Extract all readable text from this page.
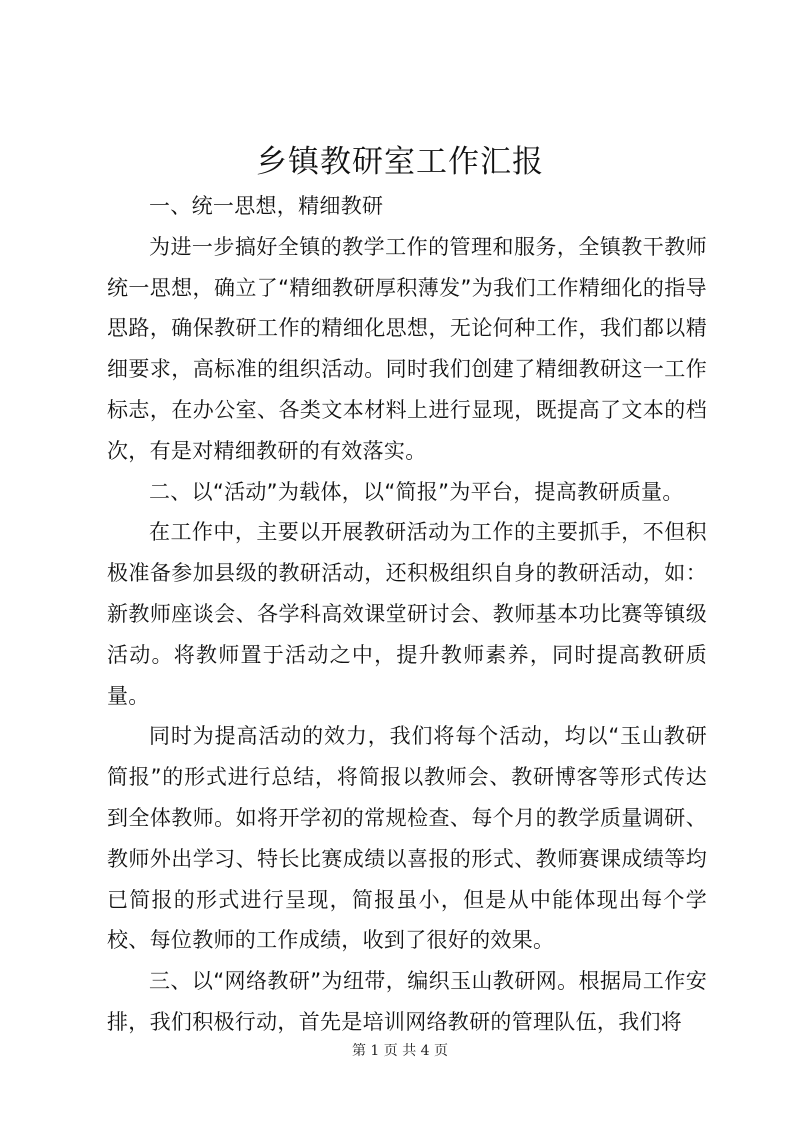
乡镇教研室工作汇报

一、统一思想，精细教研

为进一步搞好全镇的教学工作的管理和服务，全镇教干教师统一思想，确立了“精细教研厚积薄发”为我们工作精细化的指导思路，确保教研工作的精细化思想，无论何种工作，我们都以精细要求，高标准的组织活动。同时我们创建了精细教研这一工作标志，在办公室、各类文本材料上进行显现，既提高了文本的档次，有是对精细教研的有效落实。

二、以“活动”为载体，以“简报”为平台，提高教研质量。

在工作中，主要以开展教研活动为工作的主要抓手，不但积极准备参加县级的教研活动，还积极组织自身的教研活动，如：新教师座谈会、各学科高效课堂研讨会、教师基本功比赛等镇级活动。将教师置于活动之中，提升教师素养，同时提高教研质量。

同时为提高活动的效力，我们将每个活动，均以“玉山教研简报”的形式进行总结，将简报以教师会、教研博客等形式传达到全体教师。如将开学初的常规检查、每个月的教学质量调研、教师外出学习、特长比赛成绩以喜报的形式、教师赛课成绩等均已简报的形式进行呈现，简报虽小，但是从中能体现出每个学校、每位教师的工作成绩，收到了很好的效果。

三、以“网络教研”为纽带，编织玉山教研网。根据局工作安排，我们积极行动，首先是培训网络教研的管理队伍，我们将

第 1 页 共 4 页
